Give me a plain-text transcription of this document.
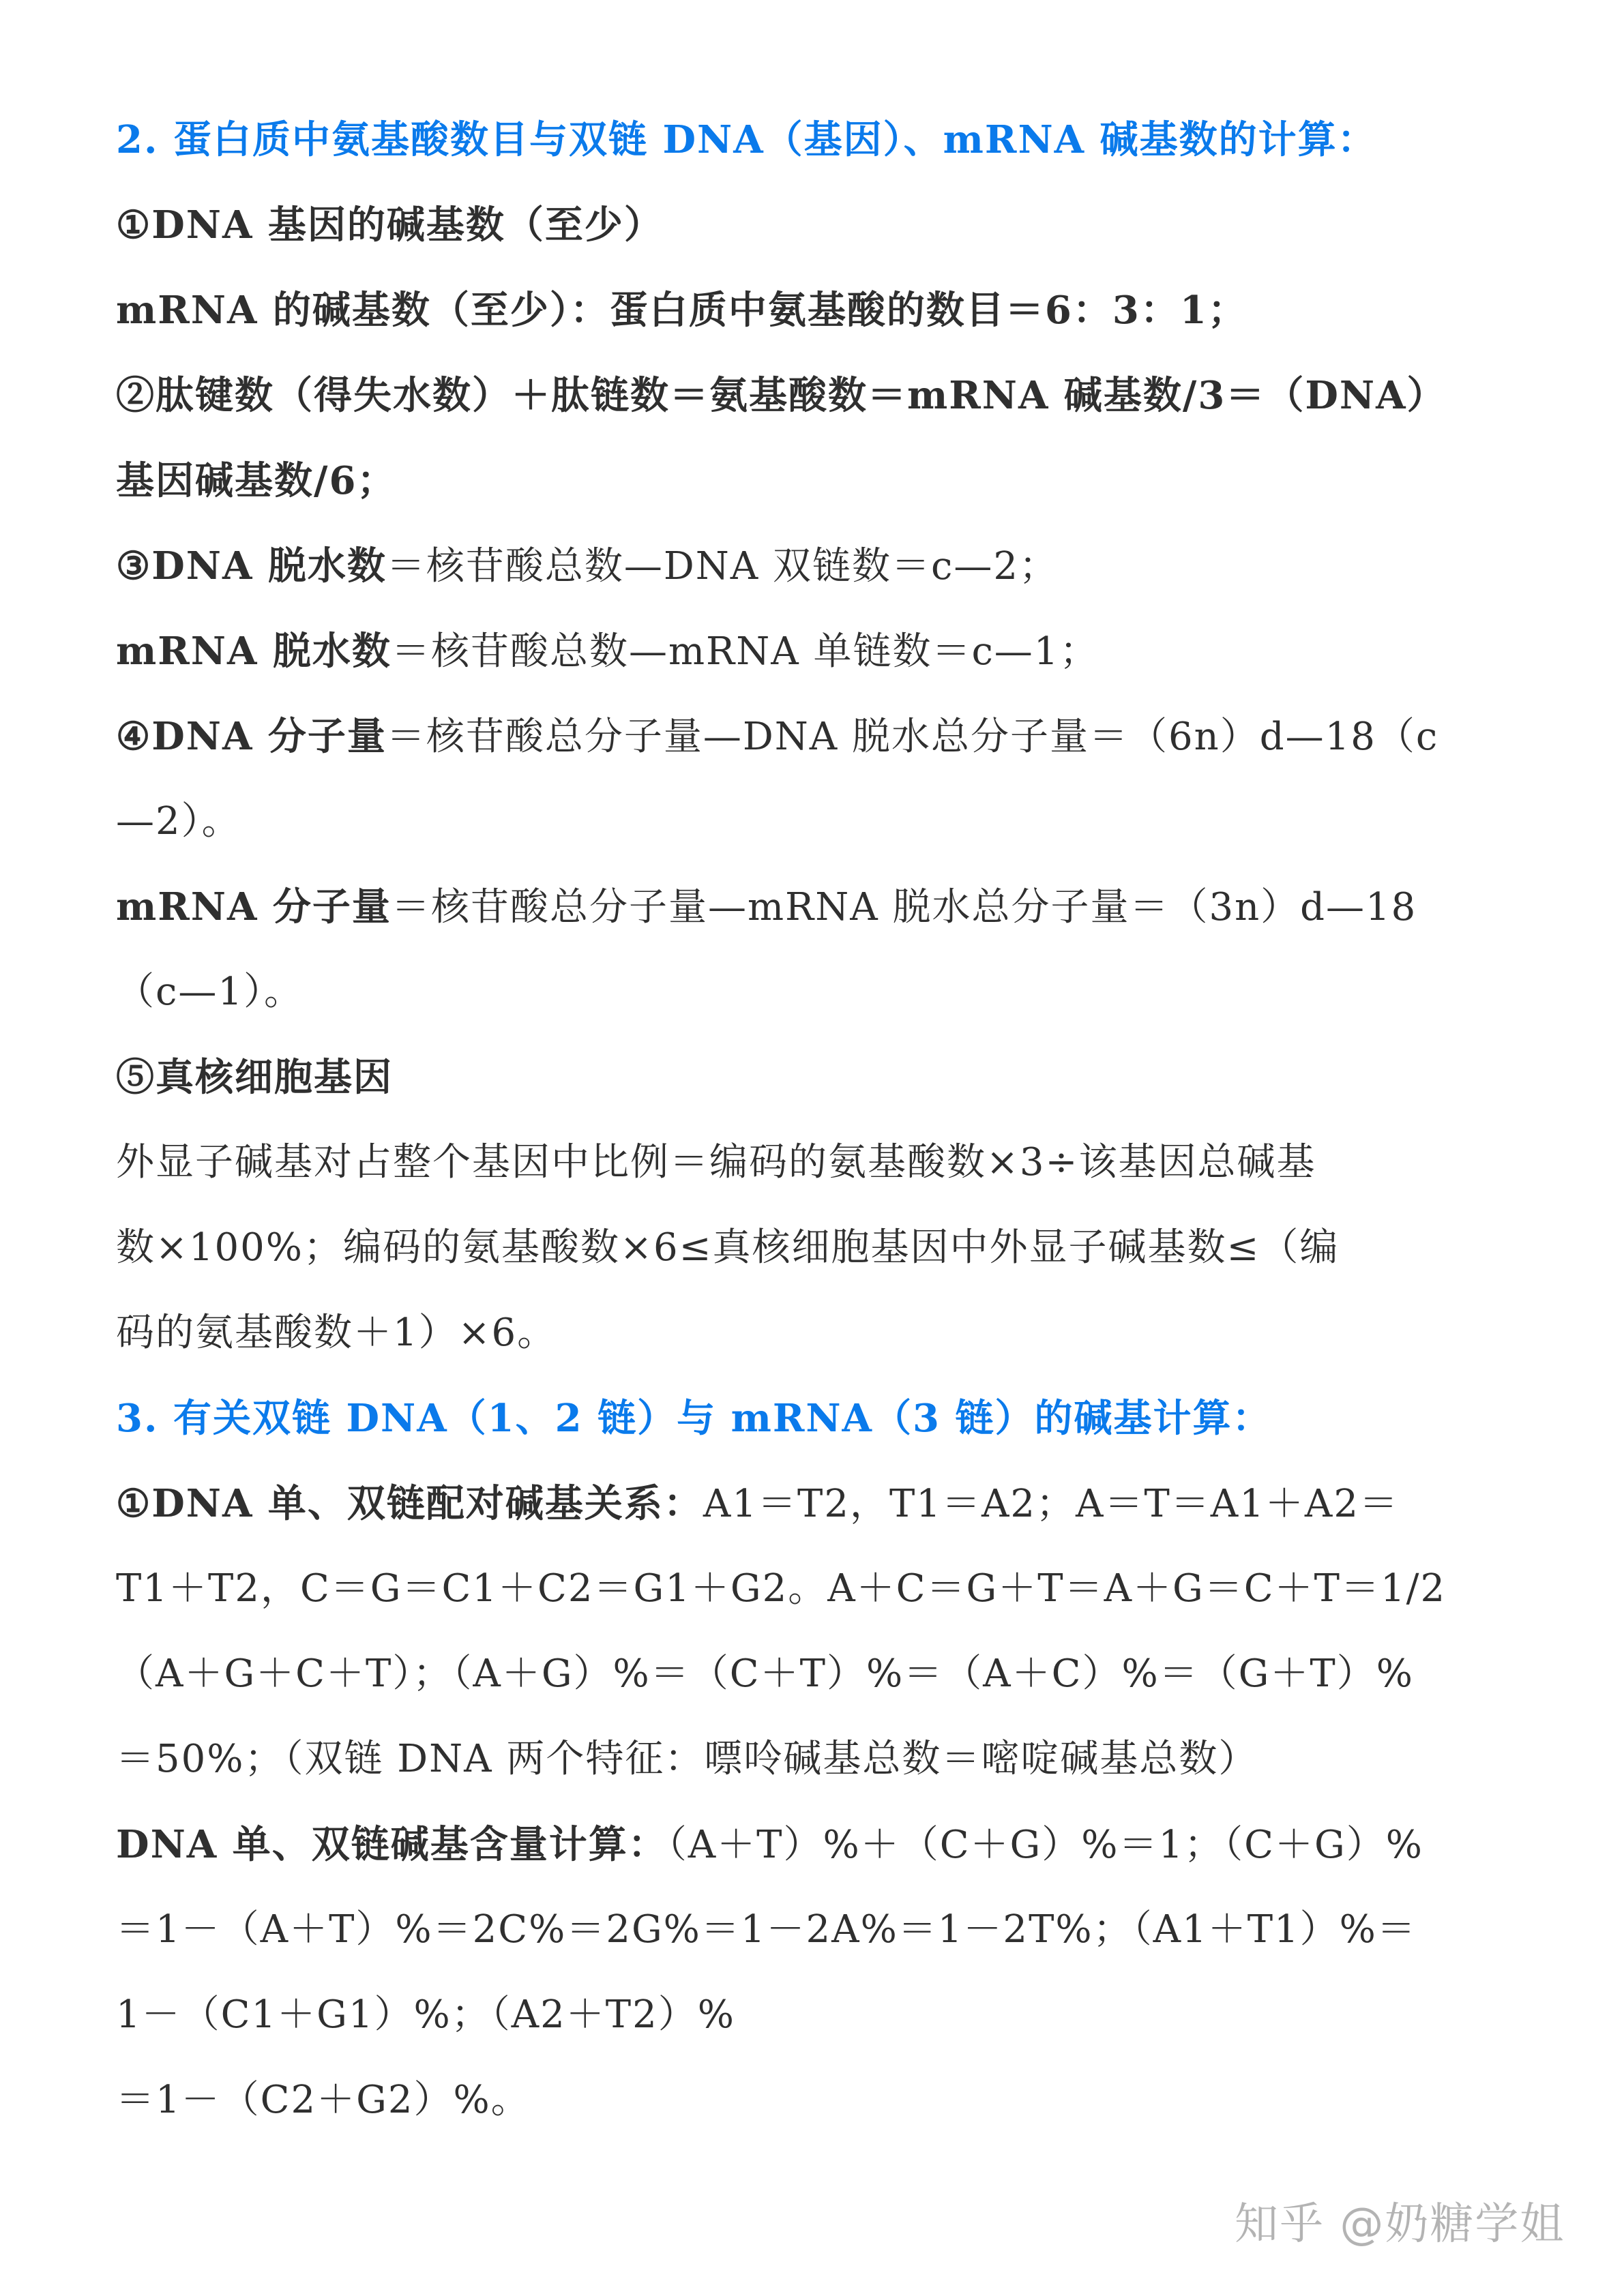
2. 蛋白质中氨基酸数目与双链 DNA（基因）、mRNA 碱基数的计算：
①DNA 基因的碱基数（至少）
mRNA 的碱基数（至少）：蛋白质中氨基酸的数目＝6：3：1；
②肽键数（得失水数）＋肽链数＝氨基酸数＝mRNA 碱基数/3＝（DNA）
基因碱基数/6；
③DNA 脱水数＝核苷酸总数—DNA 双链数＝c—2；
mRNA 脱水数＝核苷酸总数—mRNA 单链数＝c—1；
④DNA 分子量＝核苷酸总分子量—DNA 脱水总分子量＝（6n）d—18（c
—2）。
mRNA 分子量＝核苷酸总分子量—mRNA 脱水总分子量＝（3n）d—18
（c—1）。
⑤真核细胞基因
外显子碱基对占整个基因中比例＝编码的氨基酸数×3÷该基因总碱基
数×100%；编码的氨基酸数×6≤真核细胞基因中外显子碱基数≤（编
码的氨基酸数＋1）×6。
3. 有关双链 DNA（1、2 链）与 mRNA（3 链）的碱基计算：
①DNA 单、双链配对碱基关系：A1＝T2，T1＝A2；A＝T＝A1＋A2＝
T1＋T2，C＝G＝C1＋C2＝G1＋G2。A＋C＝G＋T＝A＋G＝C＋T＝1/2
（A＋G＋C＋T）；（A＋G）%＝（C＋T）%＝（A＋C）%＝（G＋T）%
＝50%；（双链 DNA 两个特征：嘌呤碱基总数＝嘧啶碱基总数）
DNA 单、双链碱基含量计算：（A＋T）%＋（C＋G）%＝1；（C＋G）%
＝1－（A＋T）%＝2C%＝2G%＝1－2A%＝1－2T%；（A1＋T1）%＝
1－（C1＋G1）%；（A2＋T2）%
＝1－（C2＋G2）%。
知乎 @奶糖学姐
